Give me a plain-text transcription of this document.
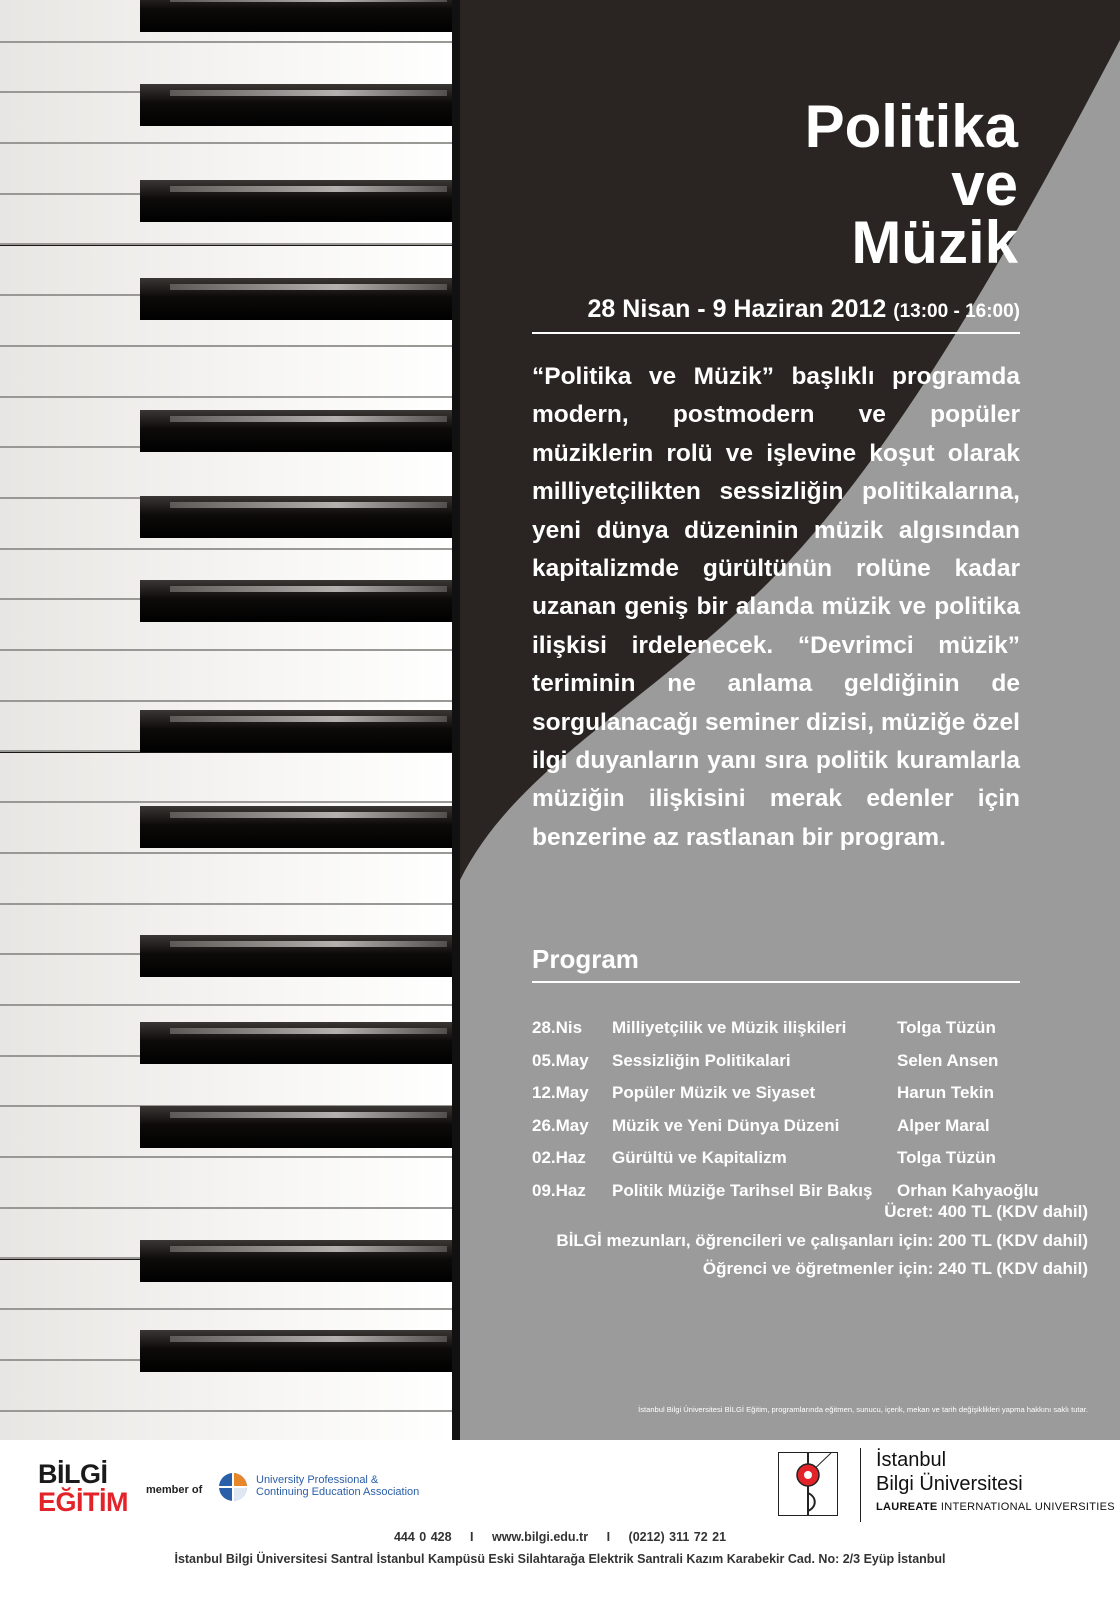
Politika
ve
Müzik
28 Nisan - 9 Haziran 2012 (13:00 - 16:00)

“Politika ve Müzik” başlıklı programda modern, postmodern ve popüler müziklerin rolü ve işlevine koşut olarak milliyetçilikten sessizliğin politikalarına, yeni dünya düzeninin müzik algısından kapitalizmde gürültünün rolüne kadar uzanan geniş bir alanda müzik ve politika ilişkisi irdelenecek. “Devrimci müzik” teriminin ne anlama geldiğinin de sorgulanacağı seminer dizisi, müziğe özel ilgi duyanların yanı sıra politik kuramlarla müziğin ilişkisini merak edenler için benzerine az rastlanan bir program.

Program
28.Nis	Milliyetçilik ve Müzik ilişkileri	Tolga Tüzün
05.May	Sessizliğin Politikalari	Selen Ansen
12.May	Popüler Müzik ve Siyaset	Harun Tekin
26.May	Müzik ve Yeni Dünya Düzeni	Alper Maral
02.Haz	Gürültü ve Kapitalizm	Tolga Tüzün
09.Haz	Politik Müziğe Tarihsel Bir Bakış	Orhan Kahyaoğlu
Ücret: 400 TL (KDV dahil)
BİLGİ mezunları, öğrencileri ve çalışanları için: 200 TL (KDV dahil)
Öğrenci ve öğretmenler için: 240 TL (KDV dahil)
İstanbul Bilgi Üniversitesi BİLGİ Eğitim, programlarında eğitmen, sunucu, içerik, mekan ve tarih değişiklikleri yapma hakkını saklı tutar.
BİLGİ
EĞİTİM member of
University Professional &
Continuing Education Association
İstanbul
Bilgi Üniversitesi
LAUREATE INTERNATIONAL UNIVERSITIES
444 0 428 I www.bilgi.edu.tr I (0212) 311 72 21
İstanbul Bilgi Üniversitesi Santral İstanbul Kampüsü Eski Silahtarağa Elektrik Santrali Kazım Karabekir Cad. No: 2/3 Eyüp İstanbul
